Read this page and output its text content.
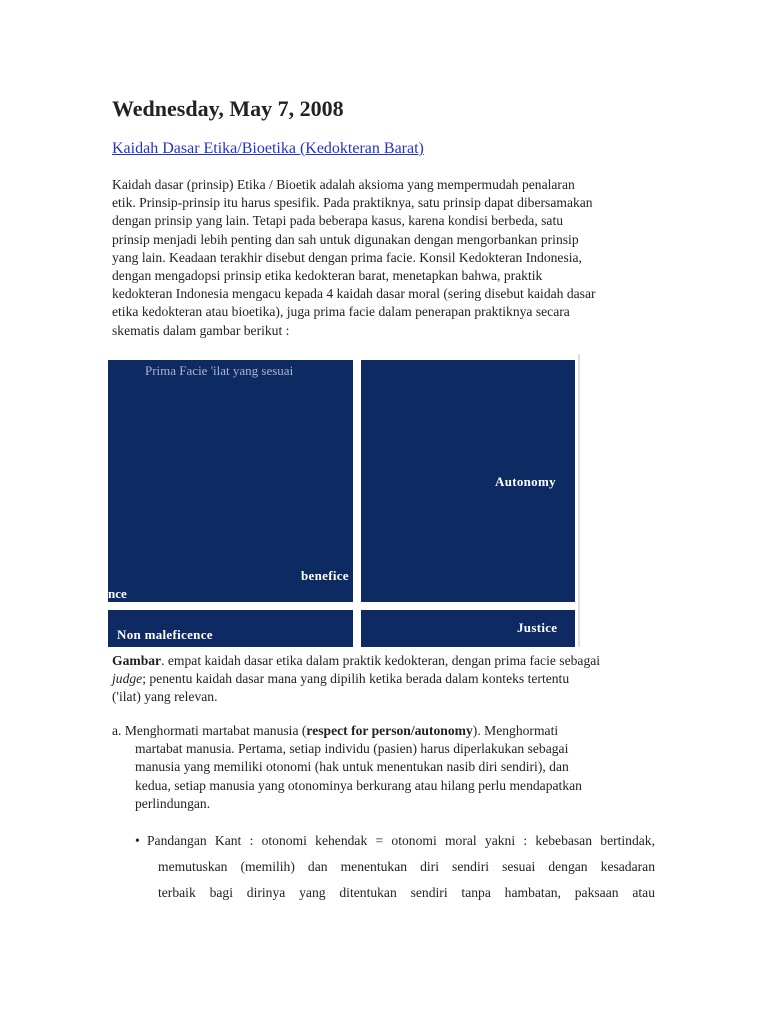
Wednesday, May 7, 2008
Kaidah Dasar Etika/Bioetika (Kedokteran Barat)

Kaidah dasar (prinsip) Etika / Bioetik adalah aksioma yang mempermudah penalaran
etik. Prinsip-prinsip itu harus spesifik. Pada praktiknya, satu prinsip dapat dibersamakan
dengan prinsip yang lain. Tetapi pada beberapa kasus, karena kondisi berbeda, satu
prinsip menjadi lebih penting dan sah untuk digunakan dengan mengorbankan prinsip
yang lain. Keadaan terakhir disebut dengan prima facie. Konsil Kedokteran Indonesia,
dengan mengadopsi prinsip etika kedokteran barat, menetapkan bahwa, praktik
kedokteran Indonesia mengacu kepada 4 kaidah dasar moral (sering disebut kaidah dasar
etika kedokteran atau bioetika), juga prima facie dalam penerapan praktiknya secara
skematis dalam gambar berikut :

Prima Facie 'ilat yang sesuai
benefice
nce
Autonomy
Non maleficence	Justice

Gambar. empat kaidah dasar etika dalam praktik kedokteran, dengan prima facie sebagai
judge; penentu kaidah dasar mana yang dipilih ketika berada dalam konteks tertentu
('ilat) yang relevan.

a. Menghormati martabat manusia (respect for person/autonomy). Menghormati
martabat manusia. Pertama, setiap individu (pasien) harus diperlakukan sebagai
manusia yang memiliki otonomi (hak untuk menentukan nasib diri sendiri), dan
kedua, setiap manusia yang otonominya berkurang atau hilang perlu mendapatkan
perlindungan.

• Pandangan Kant : otonomi kehendak = otonomi moral yakni : kebebasan bertindak,
memutuskan (memilih) dan menentukan diri sendiri sesuai dengan kesadaran
terbaik bagi dirinya yang ditentukan sendiri tanpa hambatan, paksaan atau
